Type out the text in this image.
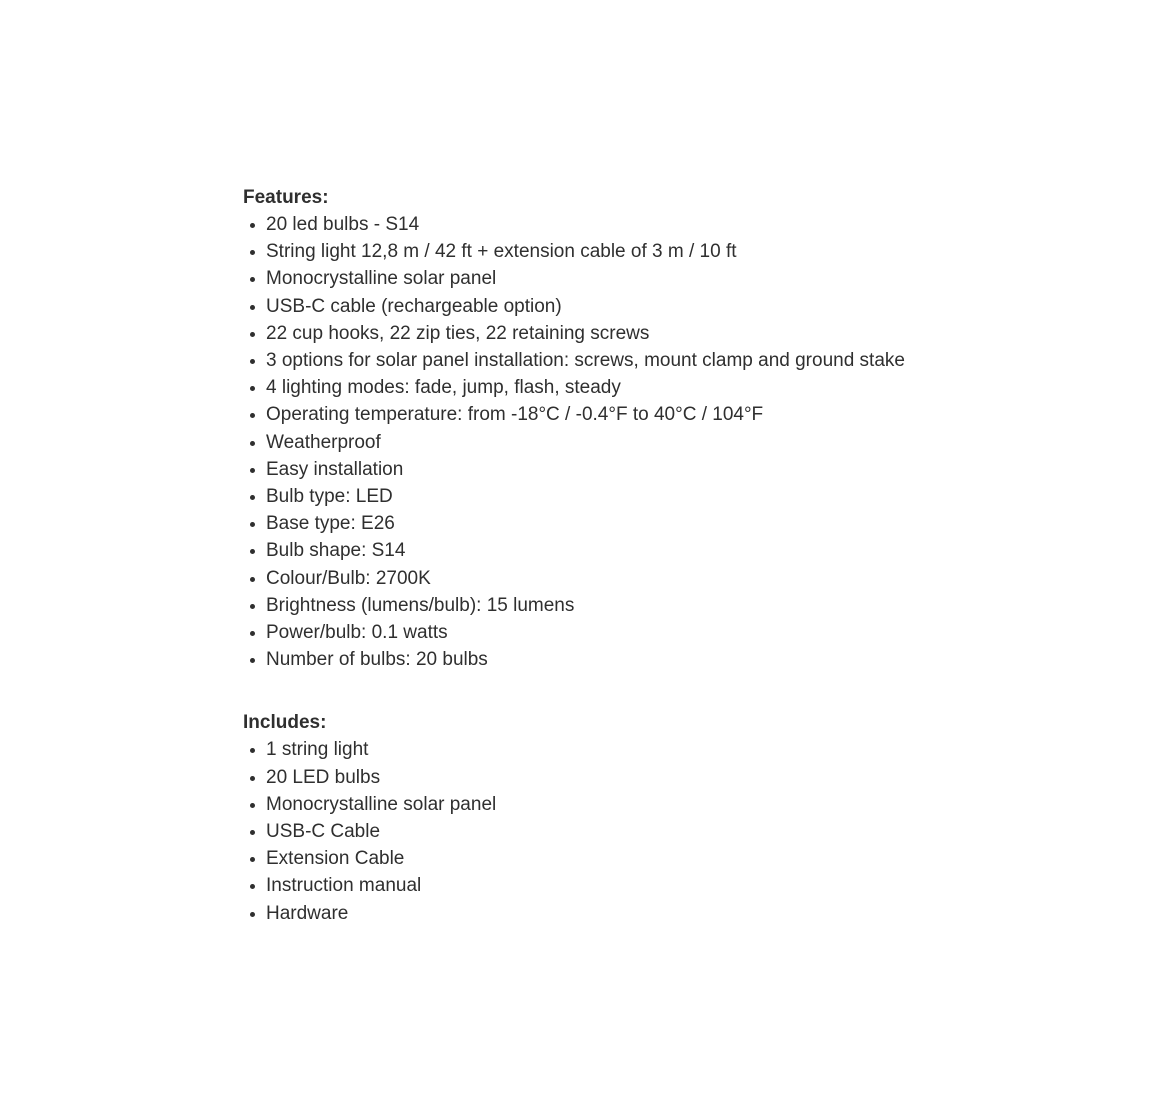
Features:
20 led bulbs - S14
String light 12,8 m / 42 ft + extension cable of 3 m / 10 ft
Monocrystalline solar panel
USB-C cable (rechargeable option)
22 cup hooks, 22 zip ties, 22 retaining screws
3 options for solar panel installation: screws, mount clamp and ground stake
4 lighting modes: fade, jump, flash, steady
Operating temperature: from -18°C / -0.4°F to 40°C / 104°F
Weatherproof
Easy installation
Bulb type: LED
Base type: E26
Bulb shape: S14
Colour/Bulb: 2700K
Brightness (lumens/bulb): 15 lumens
Power/bulb: 0.1 watts
Number of bulbs: 20 bulbs
Includes:
1 string light
20 LED bulbs
Monocrystalline solar panel
USB-C Cable
Extension Cable
Instruction manual
Hardware
